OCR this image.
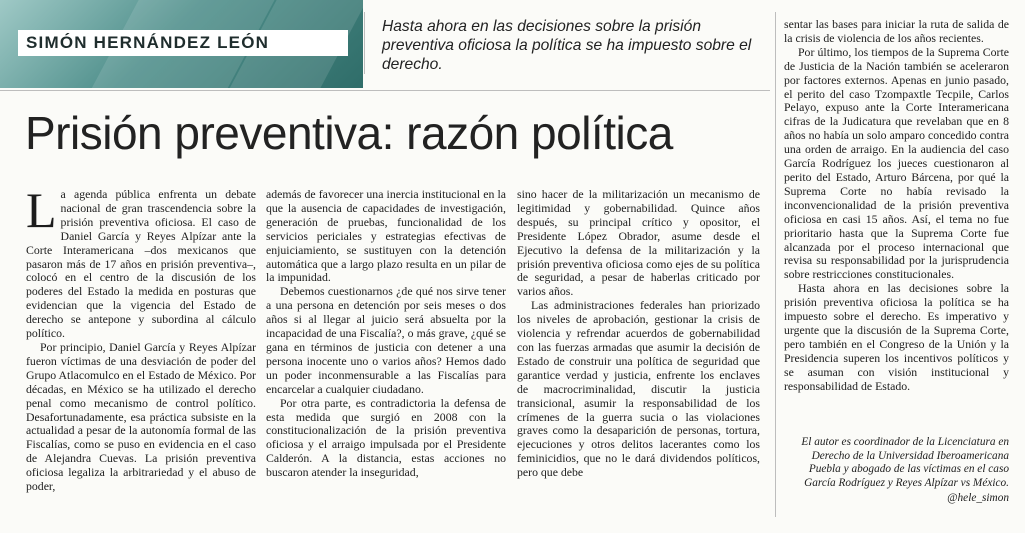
SIMÓN HERNÁNDEZ LEÓN
Hasta ahora en las decisiones sobre la prisión preventiva oficiosa la política se ha impuesto sobre el derecho.
Prisión preventiva: razón política

La agenda pública enfrenta un debate nacional de gran trascendencia sobre la prisión preventiva oficiosa. El caso de Daniel García y Reyes Alpízar ante la Corte Interamericana –dos mexicanos que pasaron más de 17 años en prisión preventiva–, colocó en el centro de la discusión de los poderes del Estado la medida en posturas que evidencian que la vigencia del Estado de derecho se antepone y subordina al cálculo político.

Por principio, Daniel García y Reyes Alpízar fueron víctimas de una desviación de poder del Grupo Atlacomulco en el Estado de México. Por décadas, en México se ha utilizado el derecho penal como mecanismo de control político. Desafortunadamente, esa práctica subsiste en la actualidad a pesar de la autonomía formal de las Fiscalías, como se puso en evidencia en el caso de Alejandra Cuevas. La prisión preventiva oficiosa legaliza la arbitrariedad y el abuso de poder,

además de favorecer una inercia institucional en la que la ausencia de capacidades de investigación, generación de pruebas, funcionalidad de los servicios periciales y estrategias efectivas de enjuiciamiento, se sustituyen con la detención automática que a largo plazo resulta en un pilar de la impunidad.

Debemos cuestionarnos ¿de qué nos sirve tener a una persona en detención por seis meses o dos años si al llegar al juicio será absuelta por la incapacidad de una Fiscalía?, o más grave, ¿qué se gana en términos de justicia con detener a una persona inocente uno o varios años? Hemos dado un poder inconmensurable a las Fiscalías para encarcelar a cualquier ciudadano.

Por otra parte, es contradictoria la defensa de esta medida que surgió en 2008 con la constitucionalización de la prisión preventiva oficiosa y el arraigo impulsada por el Presidente Calderón. A la distancia, estas acciones no buscaron atender la inseguridad,

sino hacer de la militarización un mecanismo de legitimidad y gobernabilidad. Quince años después, su principal crítico y opositor, el Presidente López Obrador, asume desde el Ejecutivo la defensa de la militarización y la prisión preventiva oficiosa como ejes de su política de seguridad, a pesar de haberlas criticado por varios años.

Las administraciones federales han priorizado los niveles de aprobación, gestionar la crisis de violencia y refrendar acuerdos de gobernabilidad con las fuerzas armadas que asumir la decisión de Estado de construir una política de seguridad que garantice verdad y justicia, enfrente los enclaves de macrocriminalidad, discutir la justicia transicional, asumir la responsabilidad de los crímenes de la guerra sucia o las violaciones graves como la desaparición de personas, tortura, ejecuciones y otros delitos lacerantes como los feminicidios, que no le dará dividendos políticos, pero que debe

sentar las bases para iniciar la ruta de salida de la crisis de violencia de los años recientes.

Por último, los tiempos de la Suprema Corte de Justicia de la Nación también se aceleraron por factores externos. Apenas en junio pasado, el perito del caso Tzompaxtle Tecpile, Carlos Pelayo, expuso ante la Corte Interamericana cifras de la Judicatura que revelaban que en 8 años no había un solo amparo concedido contra una orden de arraigo. En la audiencia del caso García Rodríguez los jueces cuestionaron al perito del Estado, Arturo Bárcena, por qué la Suprema Corte no había revisado la inconvencionalidad de la prisión preventiva oficiosa en casi 15 años. Así, el tema no fue prioritario hasta que la Suprema Corte fue alcanzada por el proceso internacional que revisa su responsabilidad por la jurisprudencia sobre restricciones constitucionales.

Hasta ahora en las decisiones sobre la prisión preventiva oficiosa la política se ha impuesto sobre el derecho. Es imperativo y urgente que la discusión de la Suprema Corte, pero también en el Congreso de la Unión y la Presidencia superen los incentivos políticos y se asuman con visión institucional y responsabilidad de Estado.

El autor es coordinador de la Licenciatura en Derecho de la Universidad Iberoamericana Puebla y abogado de las víctimas en el caso García Rodríguez y Reyes Alpízar vs México.
@hele_simon
